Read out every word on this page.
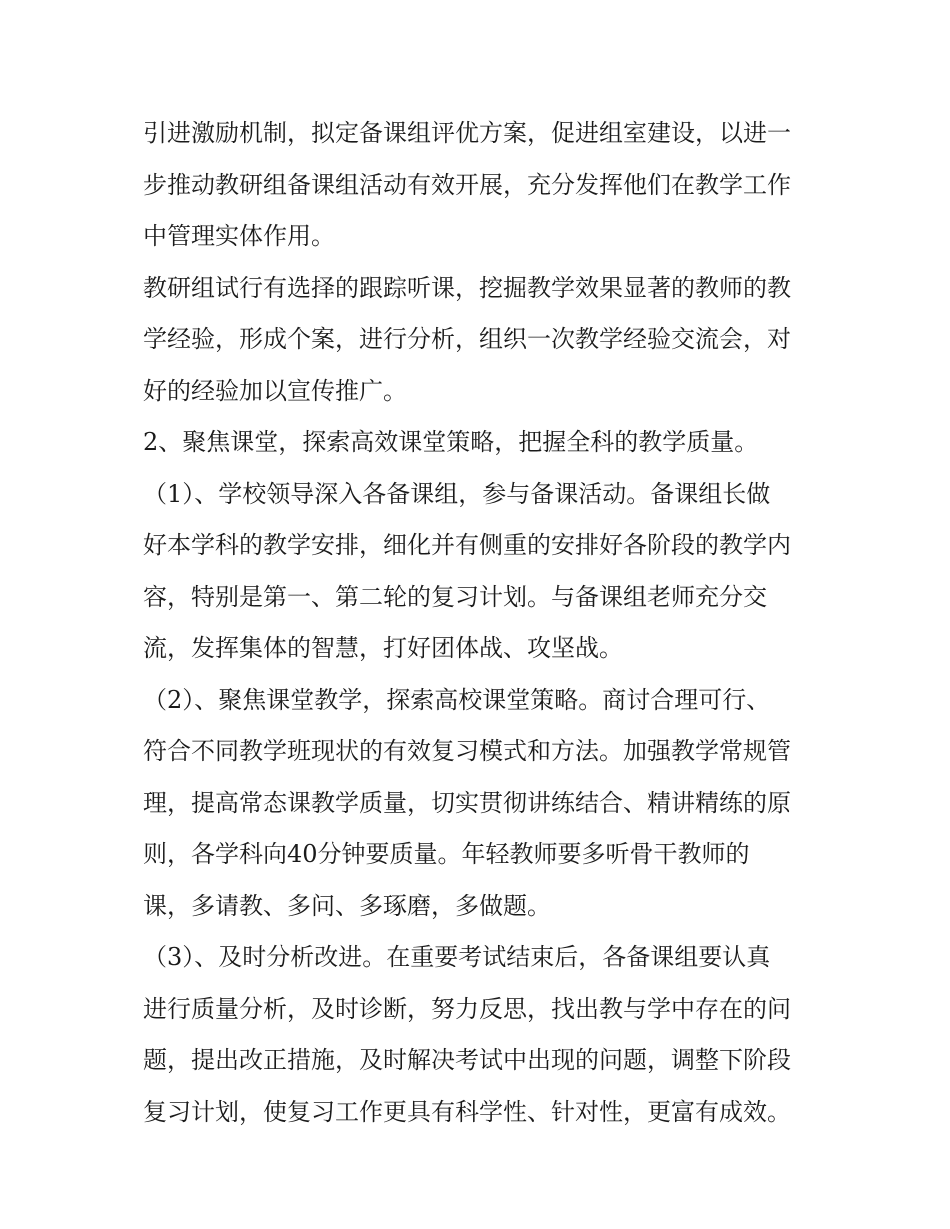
引进激励机制，拟定备课组评优方案，促进组室建设，以进一
步推动教研组备课组活动有效开展，充分发挥他们在教学工作
中管理实体作用。
教研组试行有选择的跟踪听课，挖掘教学效果显著的教师的教
学经验，形成个案，进行分析，组织一次教学经验交流会，对
好的经验加以宣传推广。
2、聚焦课堂，探索高效课堂策略，把握全科的教学质量。
（1）、学校领导深入各备课组，参与备课活动。备课组长做
好本学科的教学安排，细化并有侧重的安排好各阶段的教学内
容，特别是第一、第二轮的复习计划。与备课组老师充分交
流，发挥集体的智慧，打好团体战、攻坚战。
（2）、聚焦课堂教学，探索高校课堂策略。商讨合理可行、
符合不同教学班现状的有效复习模式和方法。加强教学常规管
理，提高常态课教学质量，切实贯彻讲练结合、精讲精练的原
则，各学科向40分钟要质量。年轻教师要多听骨干教师的
课，多请教、多问、多琢磨，多做题。
（3）、及时分析改进。在重要考试结束后，各备课组要认真
进行质量分析，及时诊断，努力反思，找出教与学中存在的问
题，提出改正措施，及时解决考试中出现的问题，调整下阶段
复习计划，使复习工作更具有科学性、针对性，更富有成效。
